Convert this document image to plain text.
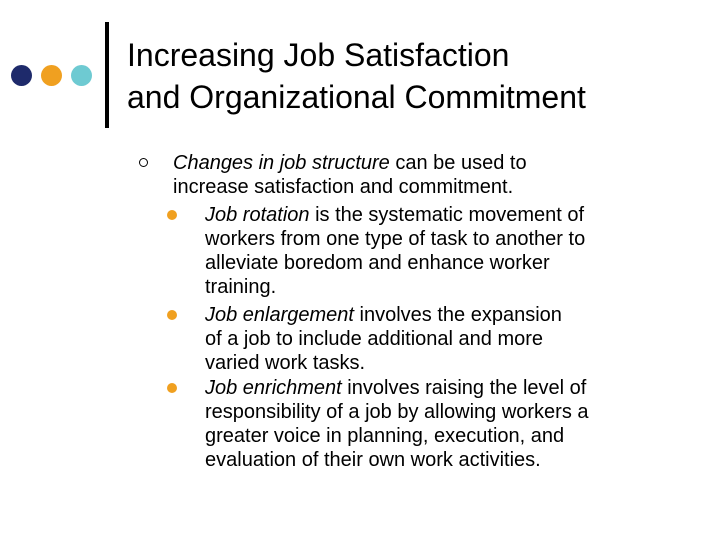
Increasing Job Satisfaction
and Organizational Commitment

Changes in job structure can be used to

increase satisfaction and commitment.

Job rotation is the systematic movement of

workers from one type of task to another to

alleviate boredom and enhance worker

training.

Job enlargement involves the expansion

of a job to include additional and more

varied work tasks.

Job enrichment involves raising the level of

responsibility of a job by allowing workers a

greater voice in planning, execution, and

evaluation of their own work activities.
